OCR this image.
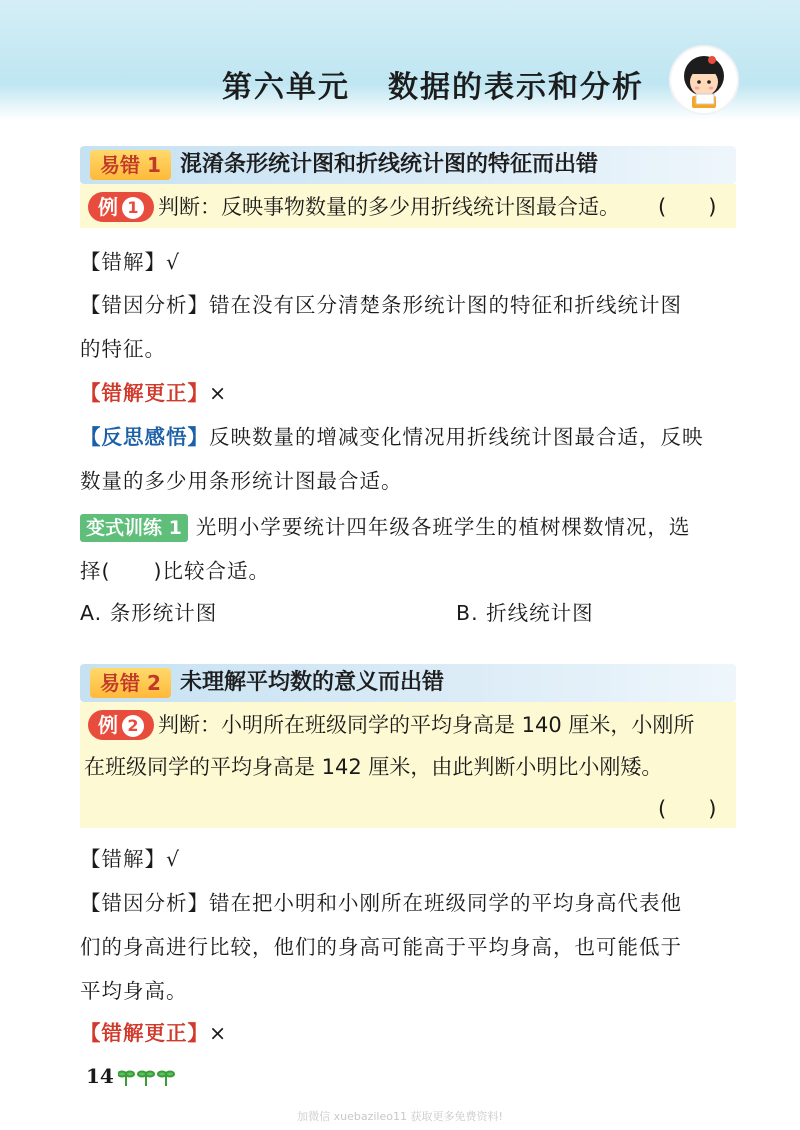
第六单元 数据的表示和分析
易错 1 混淆条形统计图和折线统计图的特征而出错
例 1 判断：反映事物数量的多少用折线统计图最合适。 (　　)
【错解】√
【错因分析】错在没有区分清楚条形统计图的特征和折线统计图
的特征。
【错解更正】×
【反思感悟】反映数量的增减变化情况用折线统计图最合适，反映
数量的多少用条形统计图最合适。
变式训练 1 光明小学要统计四年级各班学生的植树棵数情况，选
择(　　)比较合适。
A. 条形统计图	B. 折线统计图
易错 2 未理解平均数的意义而出错
例 2 判断：小明所在班级同学的平均身高是 140 厘米，小刚所
在班级同学的平均身高是 142 厘米，由此判断小明比小刚矮。
(　　)
【错解】√
【错因分析】错在把小明和小刚所在班级同学的平均身高代表他
们的身高进行比较，他们的身高可能高于平均身高，也可能低于
平均身高。
【错解更正】×
14
加微信 xuebazileo11 获取更多免费资料!
